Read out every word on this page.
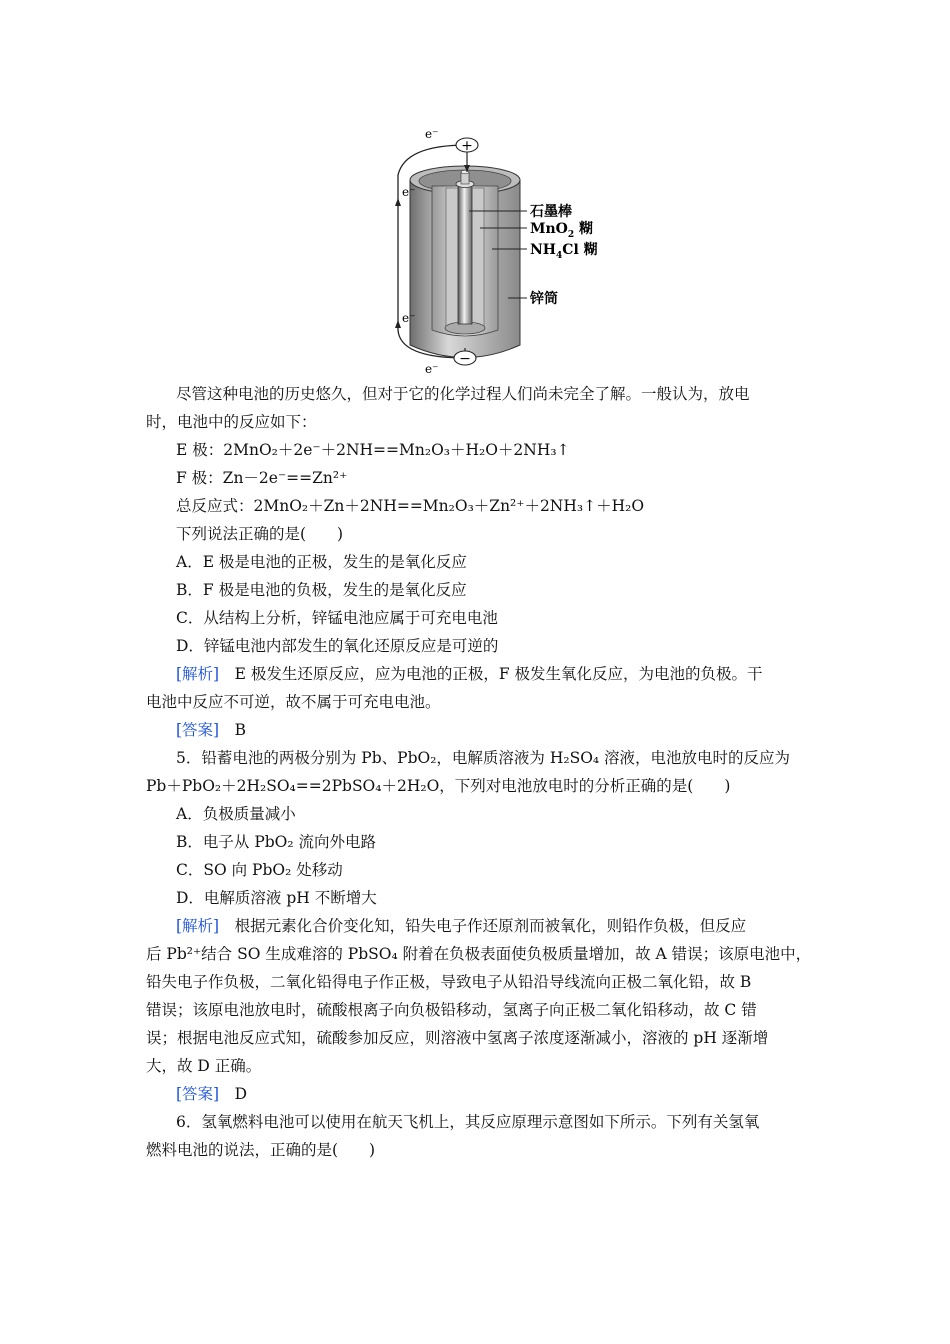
+
−
e⁻
e⁻
e⁻
e⁻
石墨棒
MnO$_2$ 糊
$NH_4Cl$ 糊
锌筒
尽管这种电池的历史悠久，但对于它的化学过程人们尚未完全了解。一般认为，放电
时，电池中的反应如下：
E 极：2MnO₂＋2e⁻＋2NH==Mn₂O₃＋H₂O＋2NH₃↑
F 极：Zn－2e⁻==Zn²⁺
总反应式：2MnO₂＋Zn＋2NH==Mn₂O₃＋Zn²⁺＋2NH₃↑＋H₂O
下列说法正确的是(　　)
A．E 极是电池的正极，发生的是氧化反应
B．F 极是电池的负极，发生的是氧化反应
C．从结构上分析，锌锰电池应属于可充电电池
D．锌锰电池内部发生的氧化还原反应是可逆的
[解析]　E 极发生还原反应，应为电池的正极，F 极发生氧化反应，为电池的负极。干
电池中反应不可逆，故不属于可充电电池。
[答案]　B
5．铅蓄电池的两极分别为 Pb、PbO₂，电解质溶液为 H₂SO₄ 溶液，电池放电时的反应为
Pb＋PbO₂＋2H₂SO₄==2PbSO₄＋2H₂O，下列对电池放电时的分析正确的是(　　)
A．负极质量减小
B．电子从 PbO₂ 流向外电路
C．SO 向 PbO₂ 处移动
D．电解质溶液 pH 不断增大
[解析]　根据元素化合价变化知，铅失电子作还原剂而被氧化，则铅作负极，但反应
后 Pb²⁺结合 SO 生成难溶的 PbSO₄ 附着在负极表面使负极质量增加，故 A 错误；该原电池中，
铅失电子作负极，二氧化铅得电子作正极，导致电子从铅沿导线流向正极二氧化铅，故 B
错误；该原电池放电时，硫酸根离子向负极铅移动，氢离子向正极二氧化铅移动，故 C 错
误；根据电池反应式知，硫酸参加反应，则溶液中氢离子浓度逐渐减小，溶液的 pH 逐渐增
大，故 D 正确。
[答案]　D
6．氢氧燃料电池可以使用在航天飞机上，其反应原理示意图如下所示。下列有关氢氧
燃料电池的说法，正确的是(　　)
